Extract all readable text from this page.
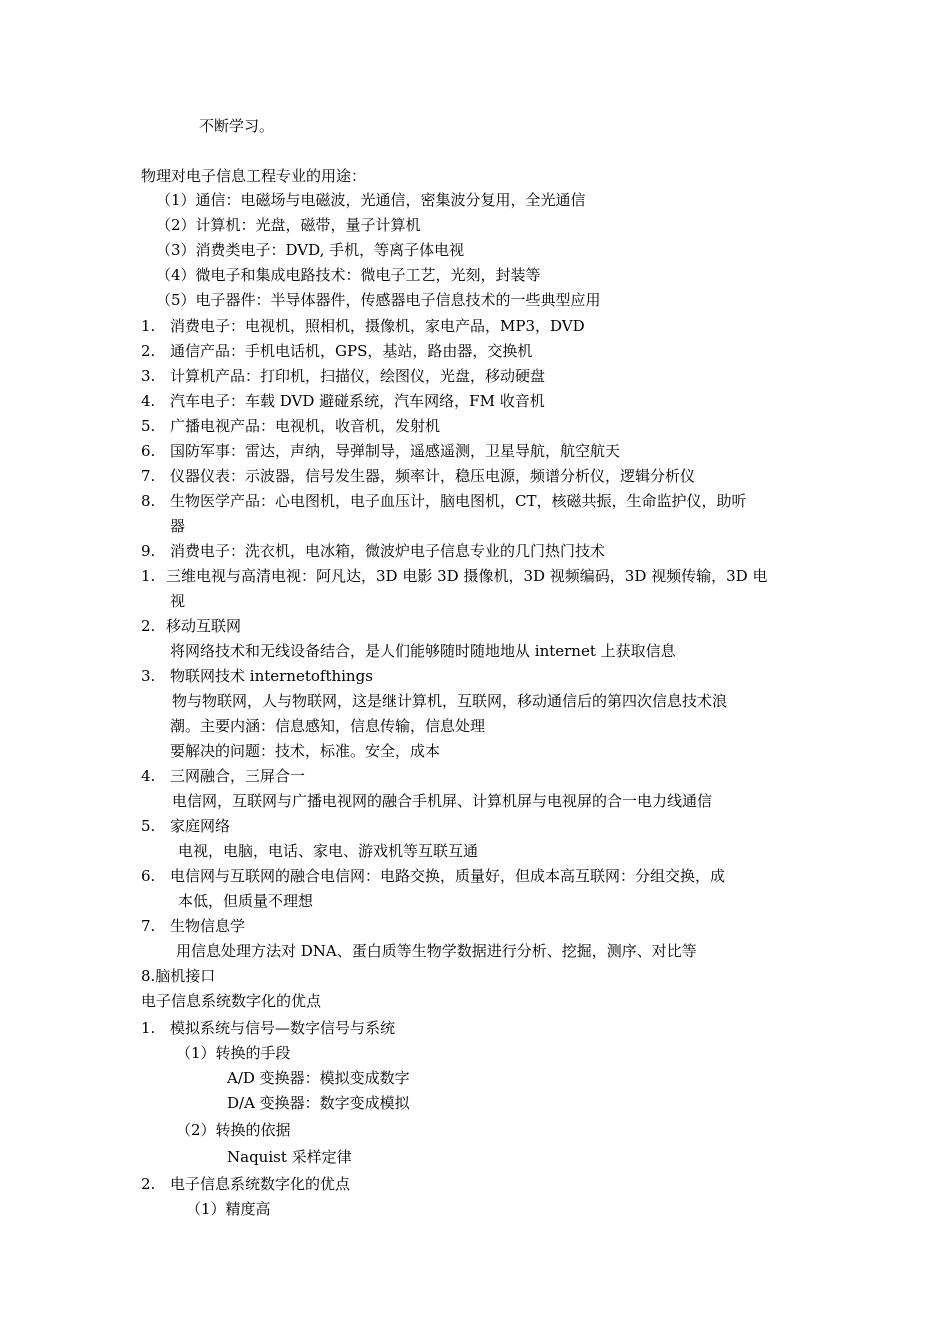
不断学习。
物理对电子信息工程专业的用途：
（1）通信：电磁场与电磁波，光通信，密集波分复用，全光通信
（2）计算机：光盘，磁带，量子计算机
（3）消费类电子：DVD, 手机，等离子体电视
（4）微电子和集成电路技术：微电子工艺，光刻，封装等
（5）电子器件：半导体器件，传感器电子信息技术的一些典型应用
1. 消费电子：电视机，照相机，摄像机，家电产品，MP3，DVD
2. 通信产品：手机电话机，GPS，基站，路由器，交换机
3. 计算机产品：打印机，扫描仪，绘图仪，光盘，移动硬盘
4. 汽车电子：车载 DVD 避碰系统，汽车网络，FM 收音机
5. 广播电视产品：电视机，收音机，发射机
6. 国防军事：雷达，声纳，导弹制导，遥感遥测，卫星导航，航空航天
7. 仪器仪表：示波器，信号发生器，频率计，稳压电源，频谱分析仪，逻辑分析仪
8. 生物医学产品：心电图机，电子血压计，脑电图机，CT，核磁共振，生命监护仪，助听
器
9. 消费电子：洗衣机，电冰箱，微波炉电子信息专业的几门热门技术
1. 三维电视与高清电视：阿凡达，3D 电影 3D 摄像机，3D 视频编码，3D 视频传输，3D 电
视
2. 移动互联网
将网络技术和无线设备结合，是人们能够随时随地地从 internet 上获取信息
3. 物联网技术 internetofthings
物与物联网，人与物联网，这是继计算机，互联网，移动通信后的第四次信息技术浪
潮。主要内涵：信息感知，信息传输，信息处理
要解决的问题：技术，标准。安全，成本
4. 三网融合，三屏合一
电信网，互联网与广播电视网的融合手机屏、计算机屏与电视屏的合一电力线通信
5. 家庭网络
电视，电脑，电话、家电、游戏机等互联互通
6. 电信网与互联网的融合电信网：电路交换，质量好，但成本高互联网：分组交换，成
本低，但质量不理想
7. 生物信息学
用信息处理方法对 DNA、蛋白质等生物学数据进行分析、挖掘，测序、对比等
8.脑机接口
电子信息系统数字化的优点
1. 模拟系统与信号—数字信号与系统
（1）转换的手段
A/D 变换器：模拟变成数字
D/A 变换器：数字变成模拟
（2）转换的依据
Naquist 采样定律
2. 电子信息系统数字化的优点
（1）精度高
